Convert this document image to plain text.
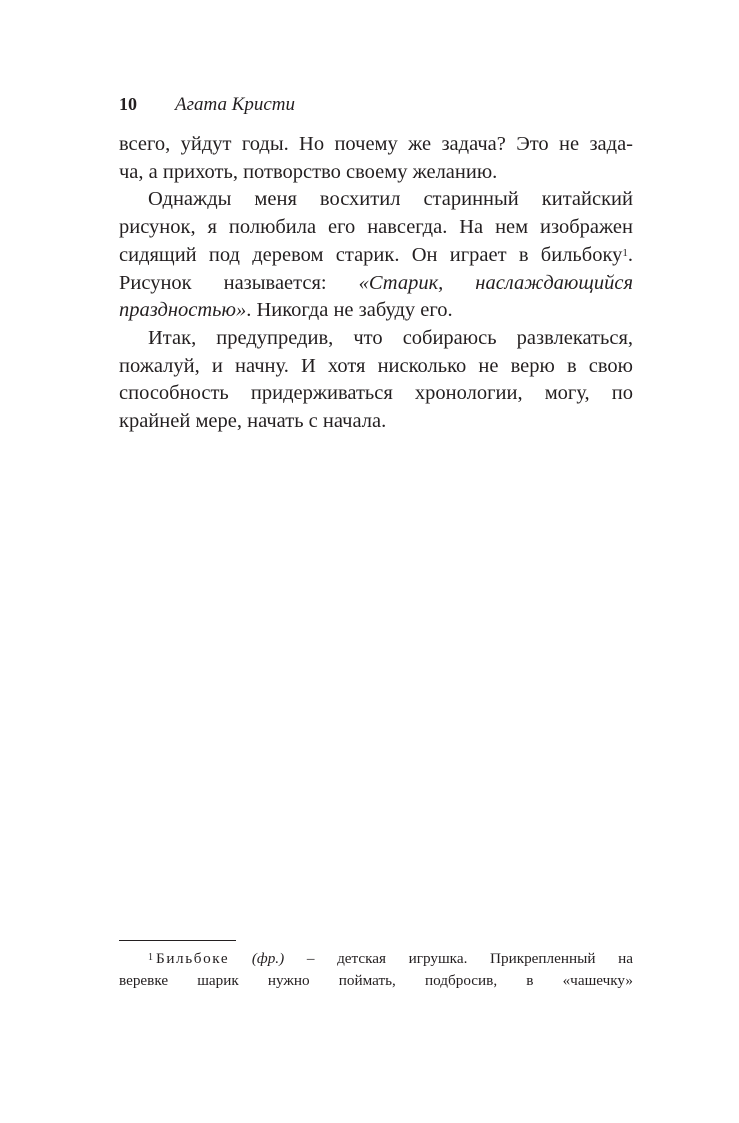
10 Агата Кристи
всего, уйдут годы. Но почему же задача? Это не зада-
ча, а прихоть, потворство своему желанию.
Однажды меня восхитил старинный китайский
рисунок, я полюбила его навсегда. На нем изображен
сидящий под деревом старик. Он играет в бильбоку$^1$.
Рисунок называется: «Старик, наслаждающийся
праздностью». Никогда не забуду его.
Итак, предупредив, что собираюсь развлекаться,
пожалуй, и начну. И хотя нисколько не верю в свою
способность придерживаться хронологии, могу, по
крайней мере, начать с начала.
$^1$ Бильбоке (фр.) – детская игрушка. Прикрепленный на
веревке шарик нужно поймать, подбросив, в «чашечку»
